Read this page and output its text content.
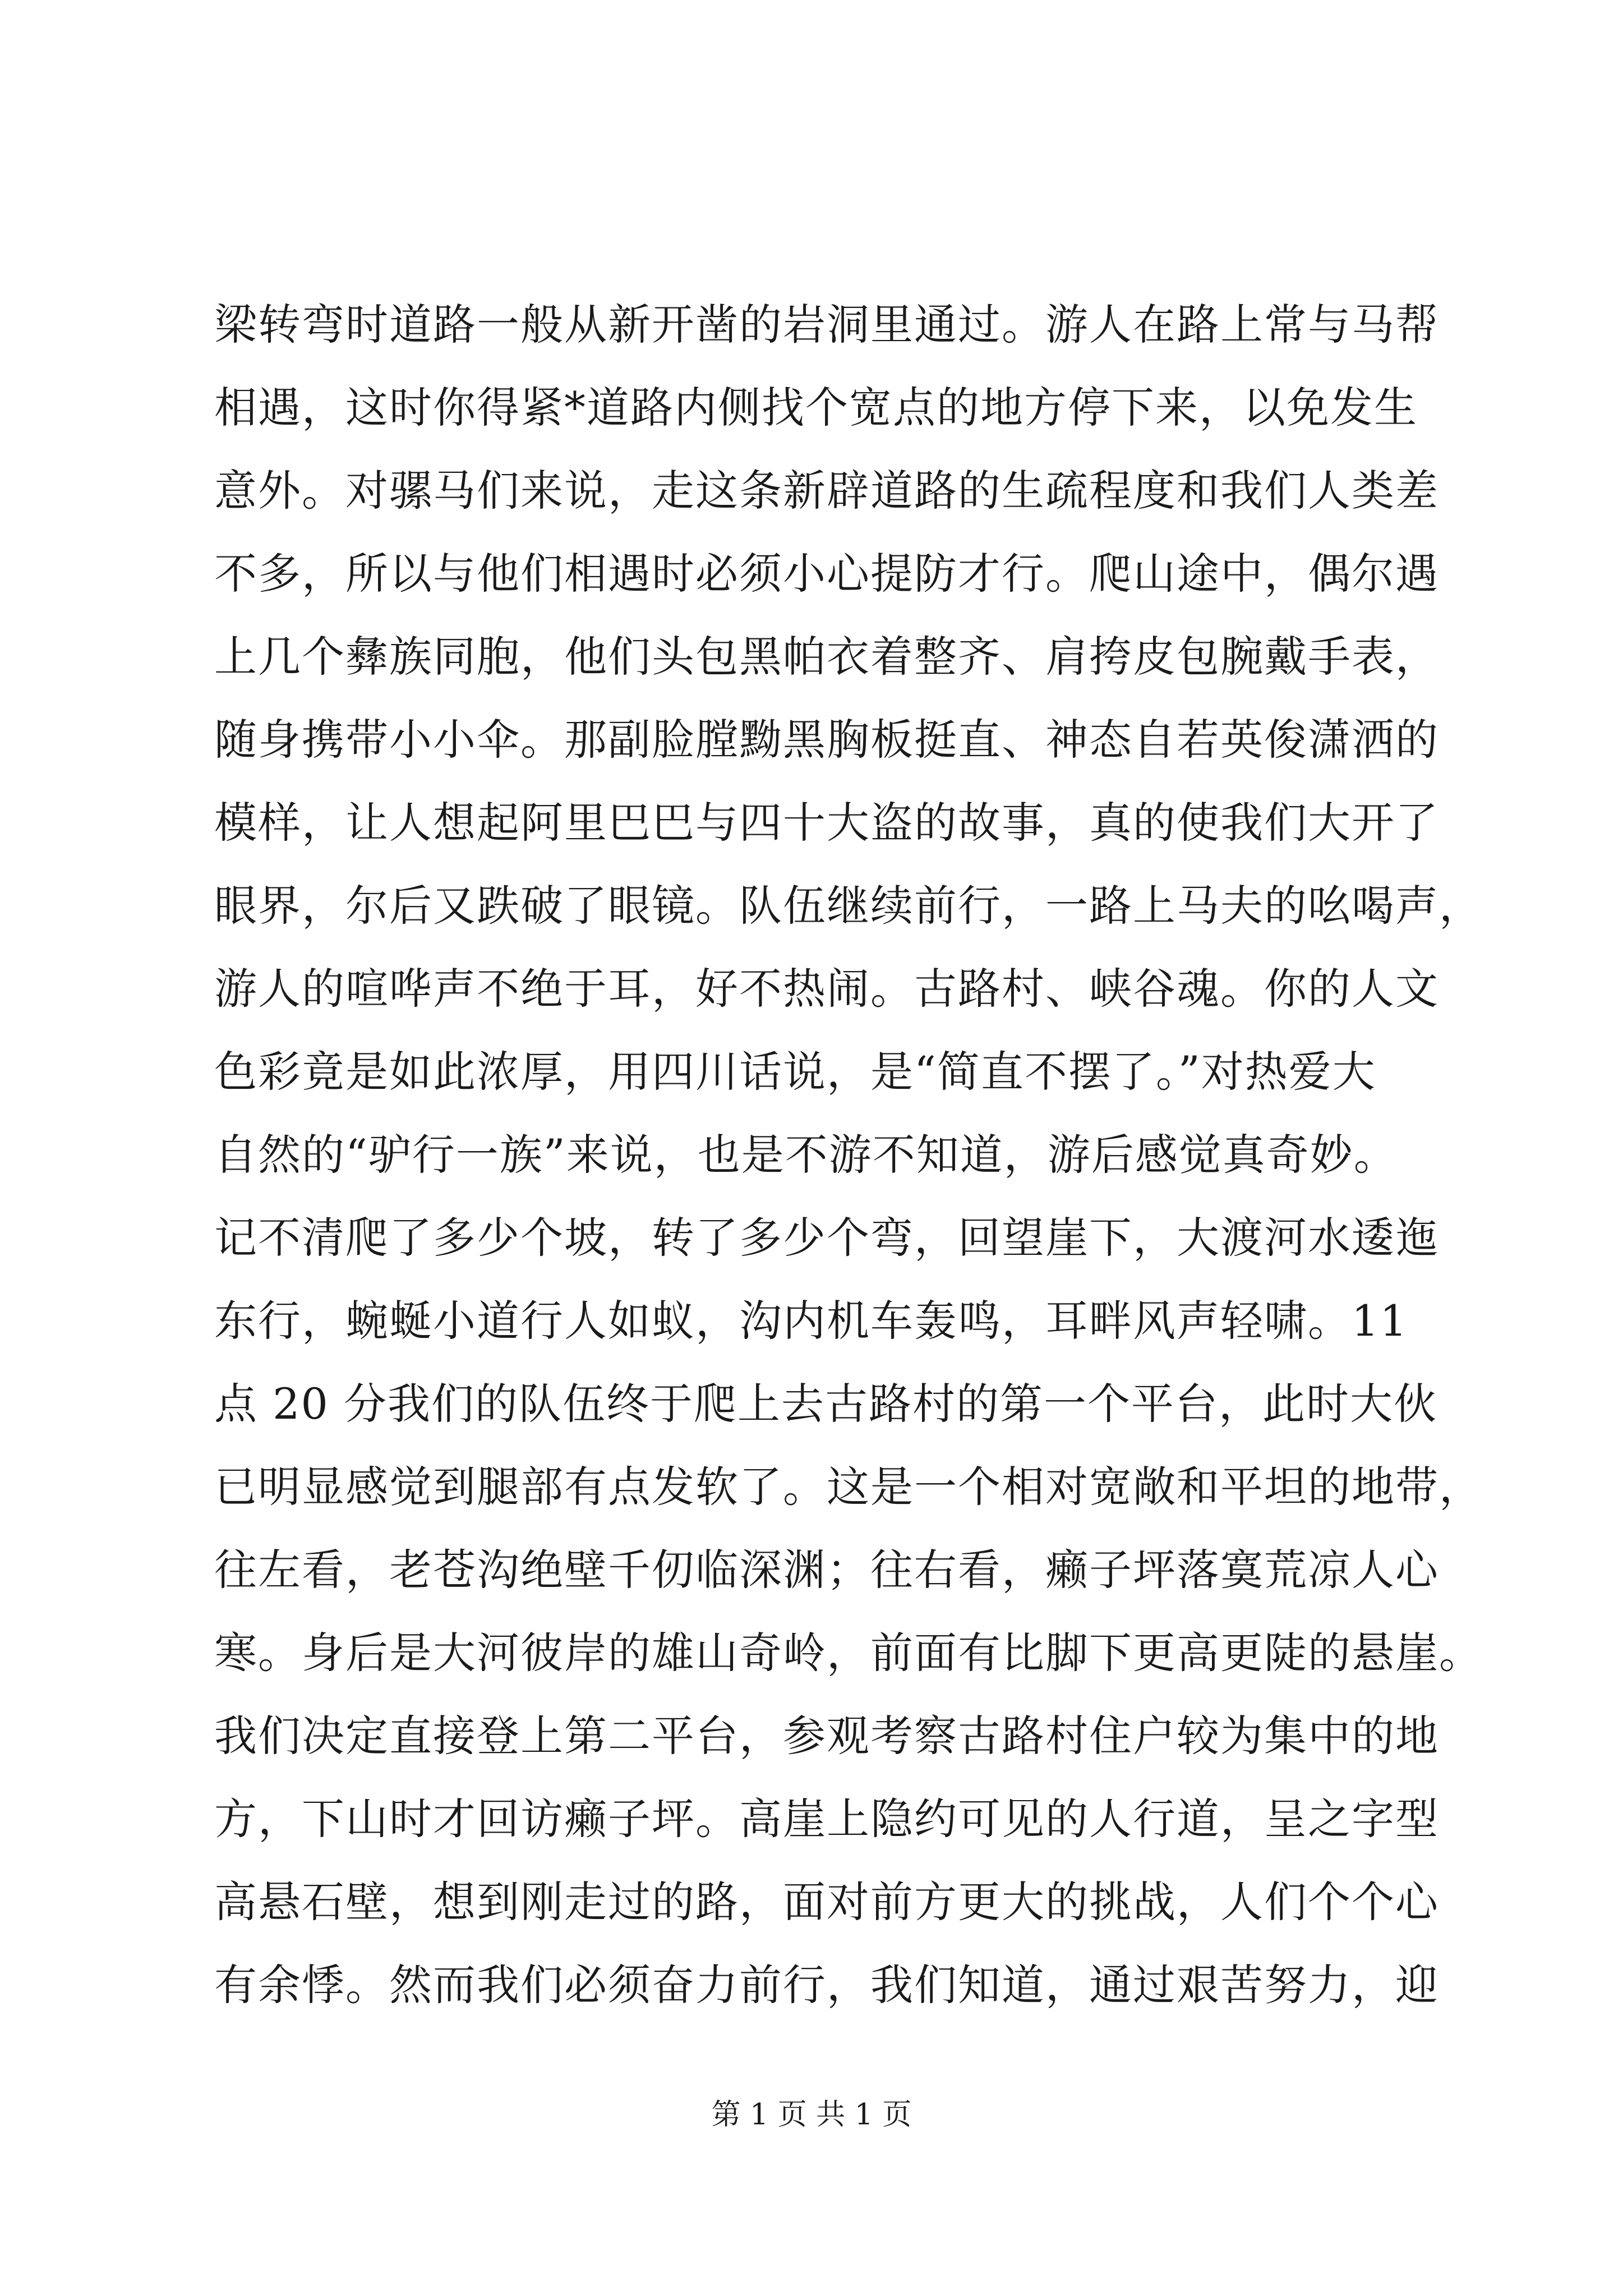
梁转弯时道路一般从新开凿的岩洞里通过。游人在路上常与马帮
相遇，这时你得紧*道路内侧找个宽点的地方停下来，以免发生
意外。对骡马们来说，走这条新辟道路的生疏程度和我们人类差
不多，所以与他们相遇时必须小心提防才行。爬山途中，偶尔遇
上几个彝族同胞，他们头包黑帕衣着整齐、肩挎皮包腕戴手表，
随身携带小小伞。那副脸膛黝黑胸板挺直、神态自若英俊潇洒的
模样，让人想起阿里巴巴与四十大盗的故事，真的使我们大开了
眼界，尔后又跌破了眼镜。队伍继续前行，一路上马夫的吆喝声，
游人的喧哗声不绝于耳，好不热闹。古路村、峡谷魂。你的人文
色彩竟是如此浓厚，用四川话说，是“简直不摆了。”对热爱大
自然的“驴行一族”来说，也是不游不知道，游后感觉真奇妙。
记不清爬了多少个坡，转了多少个弯，回望崖下，大渡河水逶迤
东行，蜿蜒小道行人如蚁，沟内机车轰鸣，耳畔风声轻啸。11
点 20 分我们的队伍终于爬上去古路村的第一个平台，此时大伙
已明显感觉到腿部有点发软了。这是一个相对宽敞和平坦的地带，
往左看，老苍沟绝壁千仞临深渊；往右看，癞子坪落寞荒凉人心
寒。身后是大河彼岸的雄山奇岭，前面有比脚下更高更陡的悬崖。
我们决定直接登上第二平台，参观考察古路村住户较为集中的地
方，下山时才回访癞子坪。高崖上隐约可见的人行道，呈之字型
高悬石壁，想到刚走过的路，面对前方更大的挑战，人们个个心
有余悸。然而我们必须奋力前行，我们知道，通过艰苦努力，迎
第 1 页 共 1 页
